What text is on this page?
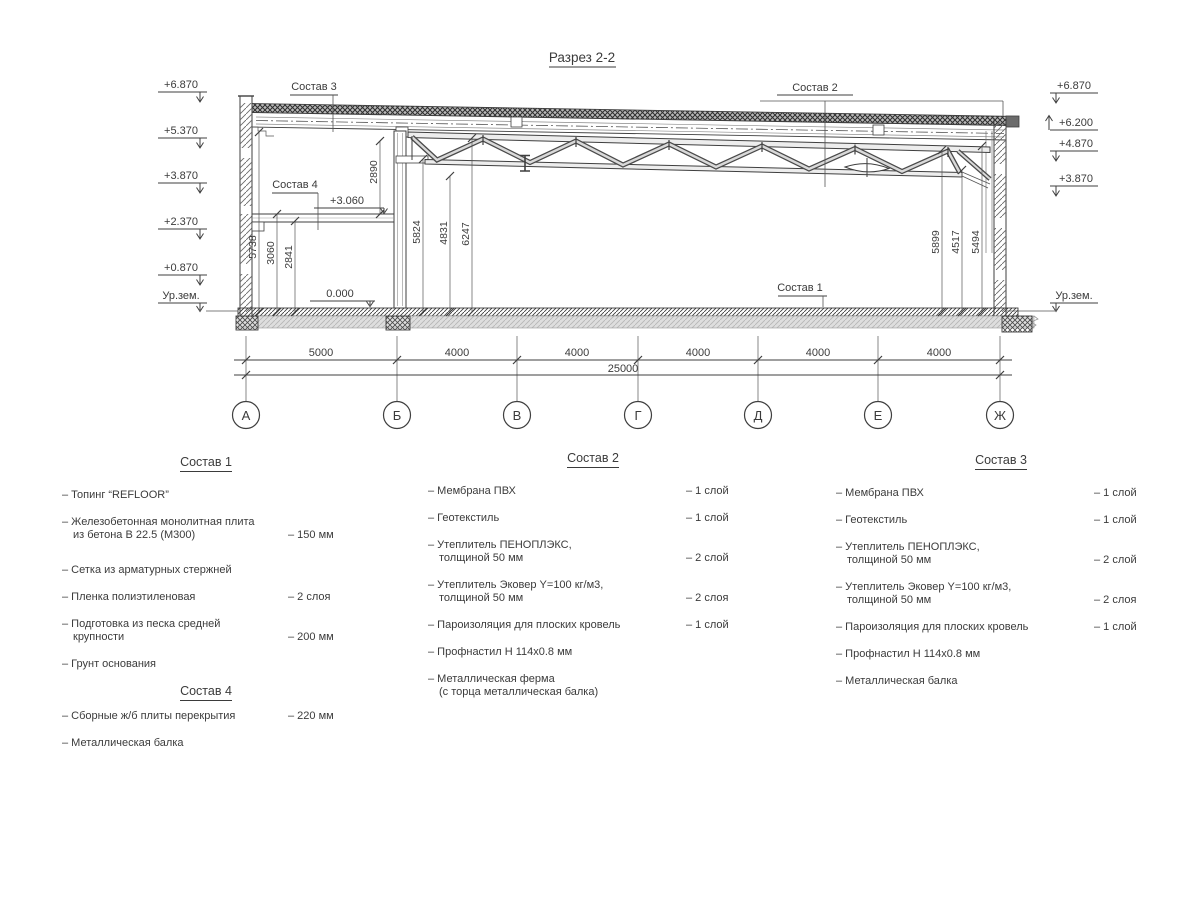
Разрез 2-2
Состав 3	Состав 2
Состав 4
Состав 1
+3.060
0.000
5738 3060 2841
2890
5824 4831 6247	5899 4517 5494
+6.870
+5.370
+3.870
+2.370
+0.870
Ур.зем.
+6.870
+6.200
+4.870
+3.870
Ур.зем.
5000	4000	4000	4000	4000	4000
25000
А	Б	В	Г	Д	Е	Ж
Состав 1
– Топинг “REFLOOR”
– Железобетонная монолитная плита
из бетона В 22.5 (М300)	– 150 мм
– Сетка из арматурных стержней
– Пленка полиэтиленовая	– 2 слоя
– Подготовка из песка средней
крупности	– 200 мм
– Грунт основания
Состав 4
– Сборные ж/б плиты перекрытия	– 220 мм
– Металлическая балка
Состав 2
– Мембрана ПВХ	– 1 слой
– Геотекстиль	– 1 слой
– Утеплитель ПЕНОПЛЭКС,
толщиной 50 мм	– 2 слой
– Утеплитель Эковер Y=100 кг/м3,
толщиной 50 мм	– 2 слоя
– Пароизоляция для плоских кровель	– 1 слой
– Профнастил Н 114х0.8 мм
– Металлическая ферма
(с торца металлическая балка)
Состав 3
– Мембрана ПВХ	– 1 слой
– Геотекстиль	– 1 слой
– Утеплитель ПЕНОПЛЭКС,
толщиной 50 мм	– 2 слой
– Утеплитель Эковер Y=100 кг/м3,
толщиной 50 мм	– 2 слоя
– Пароизоляция для плоских кровель	– 1 слой
– Профнастил Н 114х0.8 мм
– Металлическая балка
